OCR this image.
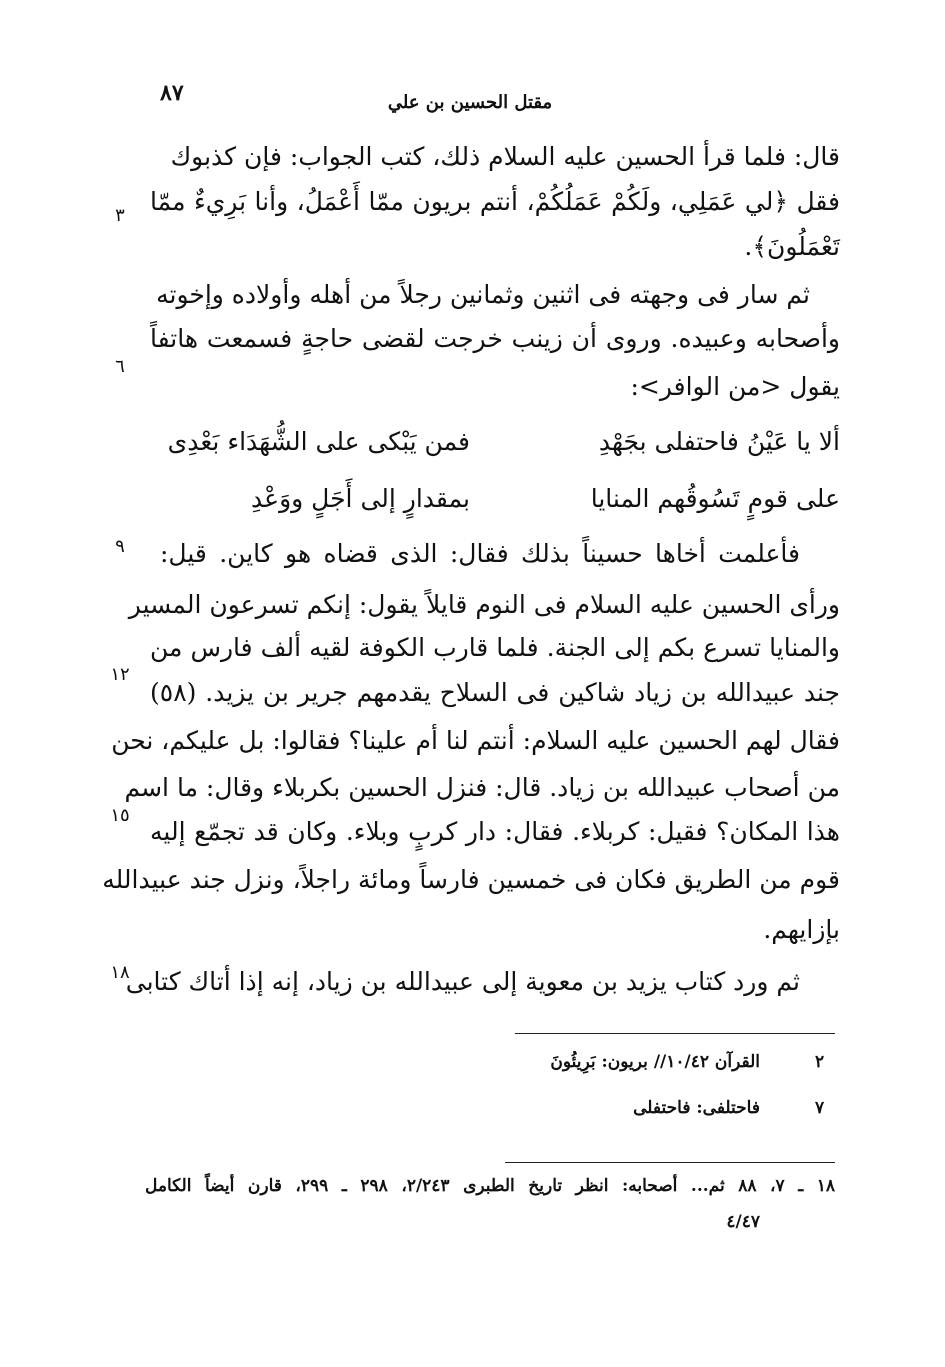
٨٧	مقتل الحسين بن علي
٣
٦
٩
١٢
١٥
١٨
قال: فلما قرأ الحسين عليه السلام ذلك، كتب الجواب: فإن كذبوك
فقل ﴿لي عَمَلِي، ولَكُمْ عَمَلُكُمْ، أنتم بريون ممّا أَعْمَلُ، وأنا بَرِيءٌ ممّا
تَعْمَلُونَ﴾.
ثم سار فى وجهته فى اثنين وثمانين رجلاً من أهله وأولاده وإخوته
وأصحابه وعبيده. وروى أن زينب خرجت لقضى حاجةٍ فسمعت هاتفاً
يقول <من الوافر>:
ألا يا عَيْنُ فاحتفلى بجَهْدِ
فمن يَبْكى على الشُّهَدَاء بَعْدِى
على قومٍ تَسُوقُهم المنايا
بمقدارٍ إلى أَجَلٍ ووَعْدِ
فأعلمت أخاها حسيناً بذلك فقال: الذى قضاه هو كاين. قيل:
ورأى الحسين عليه السلام فى النوم قايلاً يقول: إنكم تسرعون المسير
والمنايا تسرع بكم إلى الجنة. فلما قارب الكوفة لقيه ألف فارس من
جند عبيدالله بن زياد شاكين فى السلاح يقدمهم جرير بن يزيد. (٥٨)
فقال لهم الحسين عليه السلام: أنتم لنا أم علينا؟ فقالوا: بل عليكم، نحن
من أصحاب عبيدالله بن زياد. قال: فنزل الحسين بكربلاء وقال: ما اسم
هذا المكان؟ فقيل: كربلاء. فقال: دار كربٍ وبلاء. وكان قد تجمّع إليه
قوم من الطريق فكان فى خمسين فارساً ومائة راجلاً، ونزل جند عبيدالله
بإزايهم.
ثم ورد كتاب يزيد بن معوية إلى عبيدالله بن زياد، إنه إذا أتاك كتابى
٢
القرآن ١٠/٤٢// بريون: بَرِيئُونَ
٧
فاحتلفى: فاحتفلى
١٨ ـ ٧، ٨٨ ثم... أصحابه: انظر تاريخ الطبرى ٢/٢٤٣، ٢٩٨ ـ ٢٩٩، قارن أيضاً الكامل
٤/٤٧
